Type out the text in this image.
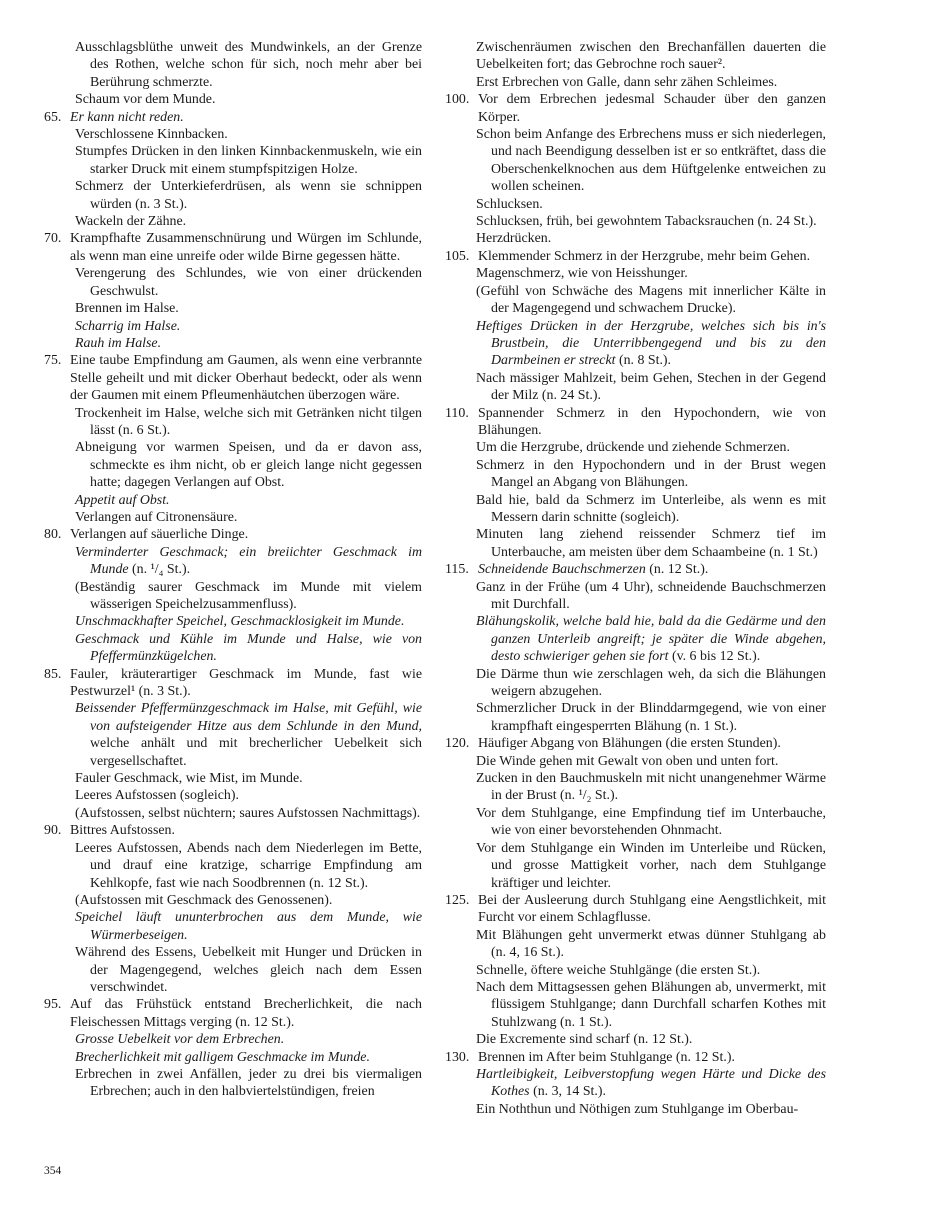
Ausschlagsblüthe unweit des Mundwinkels, an der Grenze des Rothen, welche schon für sich, noch mehr aber bei Berührung schmerzte.
Schaum vor dem Munde.
65. Er kann nicht reden.
Verschlossene Kinnbacken.
Stumpfes Drücken in den linken Kinnbackenmuskeln, wie ein starker Druck mit einem stumpfspitzigen Holze.
Schmerz der Unterkieferdrüsen, als wenn sie schnippen würden (n. 3 St.).
Wackeln der Zähne.
70. Krampfhafte Zusammenschnürung und Würgen im Schlunde, als wenn man eine unreife oder wilde Birne gegessen hätte.
Verengerung des Schlundes, wie von einer drückenden Geschwulst.
Brennen im Halse.
Scharrig im Halse.
Rauh im Halse.
75. Eine taube Empfindung am Gaumen, als wenn eine verbrannte Stelle geheilt und mit dicker Oberhaut bedeckt, oder als wenn der Gaumen mit einem Pfleumenhäutchen überzogen wäre.
Trockenheit im Halse, welche sich mit Getränken nicht tilgen lässt (n. 6 St.).
Abneigung vor warmen Speisen, und da er davon ass, schmeckte es ihm nicht, ob er gleich lange nicht gegessen hatte; dagegen Verlangen auf Obst.
Appetit auf Obst.
Verlangen auf Citronensäure.
80. Verlangen auf säuerliche Dinge.
Verminderter Geschmack; ein breiichter Geschmack im Munde (n. ¹/₄ St.).
(Beständig saurer Geschmack im Munde mit vielem wässerigen Speichelzusammenfluss).
Unschmackhafter Speichel, Geschmacklosigkeit im Munde.
Geschmack und Kühle im Munde und Halse, wie von Pfeffermünzkügelchen.
85. Fauler, kräuterartiger Geschmack im Munde, fast wie Pestwurzel¹ (n. 3 St.).
Beissender Pfeffermünzgeschmack im Halse, mit Gefühl, wie von aufsteigender Hitze aus dem Schlunde in den Mund, welche anhält und mit brecherlicher Uebelkeit sich vergesellschaftet.
Fauler Geschmack, wie Mist, im Munde.
Leeres Aufstossen (sogleich).
(Aufstossen, selbst nüchtern; saures Aufstossen Nachmittags).
90. Bittres Aufstossen.
Leeres Aufstossen, Abends nach dem Niederlegen im Bette, und drauf eine kratzige, scharrige Empfindung am Kehlkopfe, fast wie nach Soodbrennen (n. 12 St.).
(Aufstossen mit Geschmack des Genossenen).
Speichel läuft ununterbrochen aus dem Munde, wie Würmerbeseigen.
Während des Essens, Uebelkeit mit Hunger und Drücken in der Magengegend, welches gleich nach dem Essen verschwindet.
95. Auf das Frühstück entstand Brecherlichkeit, die nach Fleischessen Mittags verging (n. 12 St.).
Grosse Uebelkeit vor dem Erbrechen.
Brecherlichkeit mit galligem Geschmacke im Munde.
Erbrechen in zwei Anfällen, jeder zu drei bis viermaligen Erbrechen; auch in den halbviertelstündigen, freien
Zwischenräumen zwischen den Brechanfällen dauerten die Uebelkeiten fort; das Gebrochne roch sauer².
Erst Erbrechen von Galle, dann sehr zähen Schleimes.
100. Vor dem Erbrechen jedesmal Schauder über den ganzen Körper.
Schon beim Anfange des Erbrechens muss er sich niederlegen, und nach Beendigung desselben ist er so entkräftet, dass die Oberschenkelknochen aus dem Hüftgelenke entweichen zu wollen scheinen.
Schlucksen.
Schlucksen, früh, bei gewohntem Tabacksrauchen (n. 24 St.).
Herzdrücken.
105. Klemmender Schmerz in der Herzgrube, mehr beim Gehen.
Magenschmerz, wie von Heisshunger.
(Gefühl von Schwäche des Magens mit innerlicher Kälte in der Magengegend und schwachem Drucke).
Heftiges Drücken in der Herzgrube, welches sich bis in's Brustbein, die Unterribbengegend und bis zu den Darmbeinen er streckt (n. 8 St.).
Nach mässiger Mahlzeit, beim Gehen, Stechen in der Gegend der Milz (n. 24 St.).
110. Spannender Schmerz in den Hypochondern, wie von Blähungen.
Um die Herzgrube, drückende und ziehende Schmerzen.
Schmerz in den Hypochondern und in der Brust wegen Mangel an Abgang von Blähungen.
Bald hie, bald da Schmerz im Unterleibe, als wenn es mit Messern darin schnitte (sogleich).
Minuten lang ziehend reissender Schmerz tief im Unterbauche, am meisten über dem Schaambeine (n. 1 St.)
115. Schneidende Bauchschmerzen (n. 12 St.).
Ganz in der Frühe (um 4 Uhr), schneidende Bauchschmerzen mit Durchfall.
Blähungskolik, welche bald hie, bald da die Gedärme und den ganzen Unterleib angreift; je später die Winde abgehen, desto schwieriger gehen sie fort (v. 6 bis 12 St.).
Die Därme thun wie zerschlagen weh, da sich die Blähungen weigern abzugehen.
Schmerzlicher Druck in der Blinddarmgegend, wie von einer krampfhaft eingesperrten Blähung (n. 1 St.).
120. Häufiger Abgang von Blähungen (die ersten Stunden).
Die Winde gehen mit Gewalt von oben und unten fort.
Zucken in den Bauchmuskeln mit nicht unangenehmer Wärme in der Brust (n. ¹/₂ St.).
Vor dem Stuhlgange, eine Empfindung tief im Unterbauche, wie von einer bevorstehenden Ohnmacht.
Vor dem Stuhlgange ein Winden im Unterleibe und Rücken, und grosse Mattigkeit vorher, nach dem Stuhlgange kräftiger und leichter.
125. Bei der Ausleerung durch Stuhlgang eine Aengstlichkeit, mit Furcht vor einem Schlagflusse.
Mit Blähungen geht unvermerkt etwas dünner Stuhlgang ab (n. 4, 16 St.).
Schnelle, öftere weiche Stuhlgänge (die ersten St.).
Nach dem Mittagsessen gehen Blähungen ab, unvermerkt, mit flüssigem Stuhlgange; dann Durchfall scharfen Kothes mit Stuhlzwang (n. 1 St.).
Die Excremente sind scharf (n. 12 St.).
130. Brennen im After beim Stuhlgange (n. 12 St.).
Hartleibigkeit, Leibverstopfung wegen Härte und Dicke des Kothes (n. 3, 14 St.).
Ein Noththun und Nöthigen zum Stuhlgange im Oberbau-
354
